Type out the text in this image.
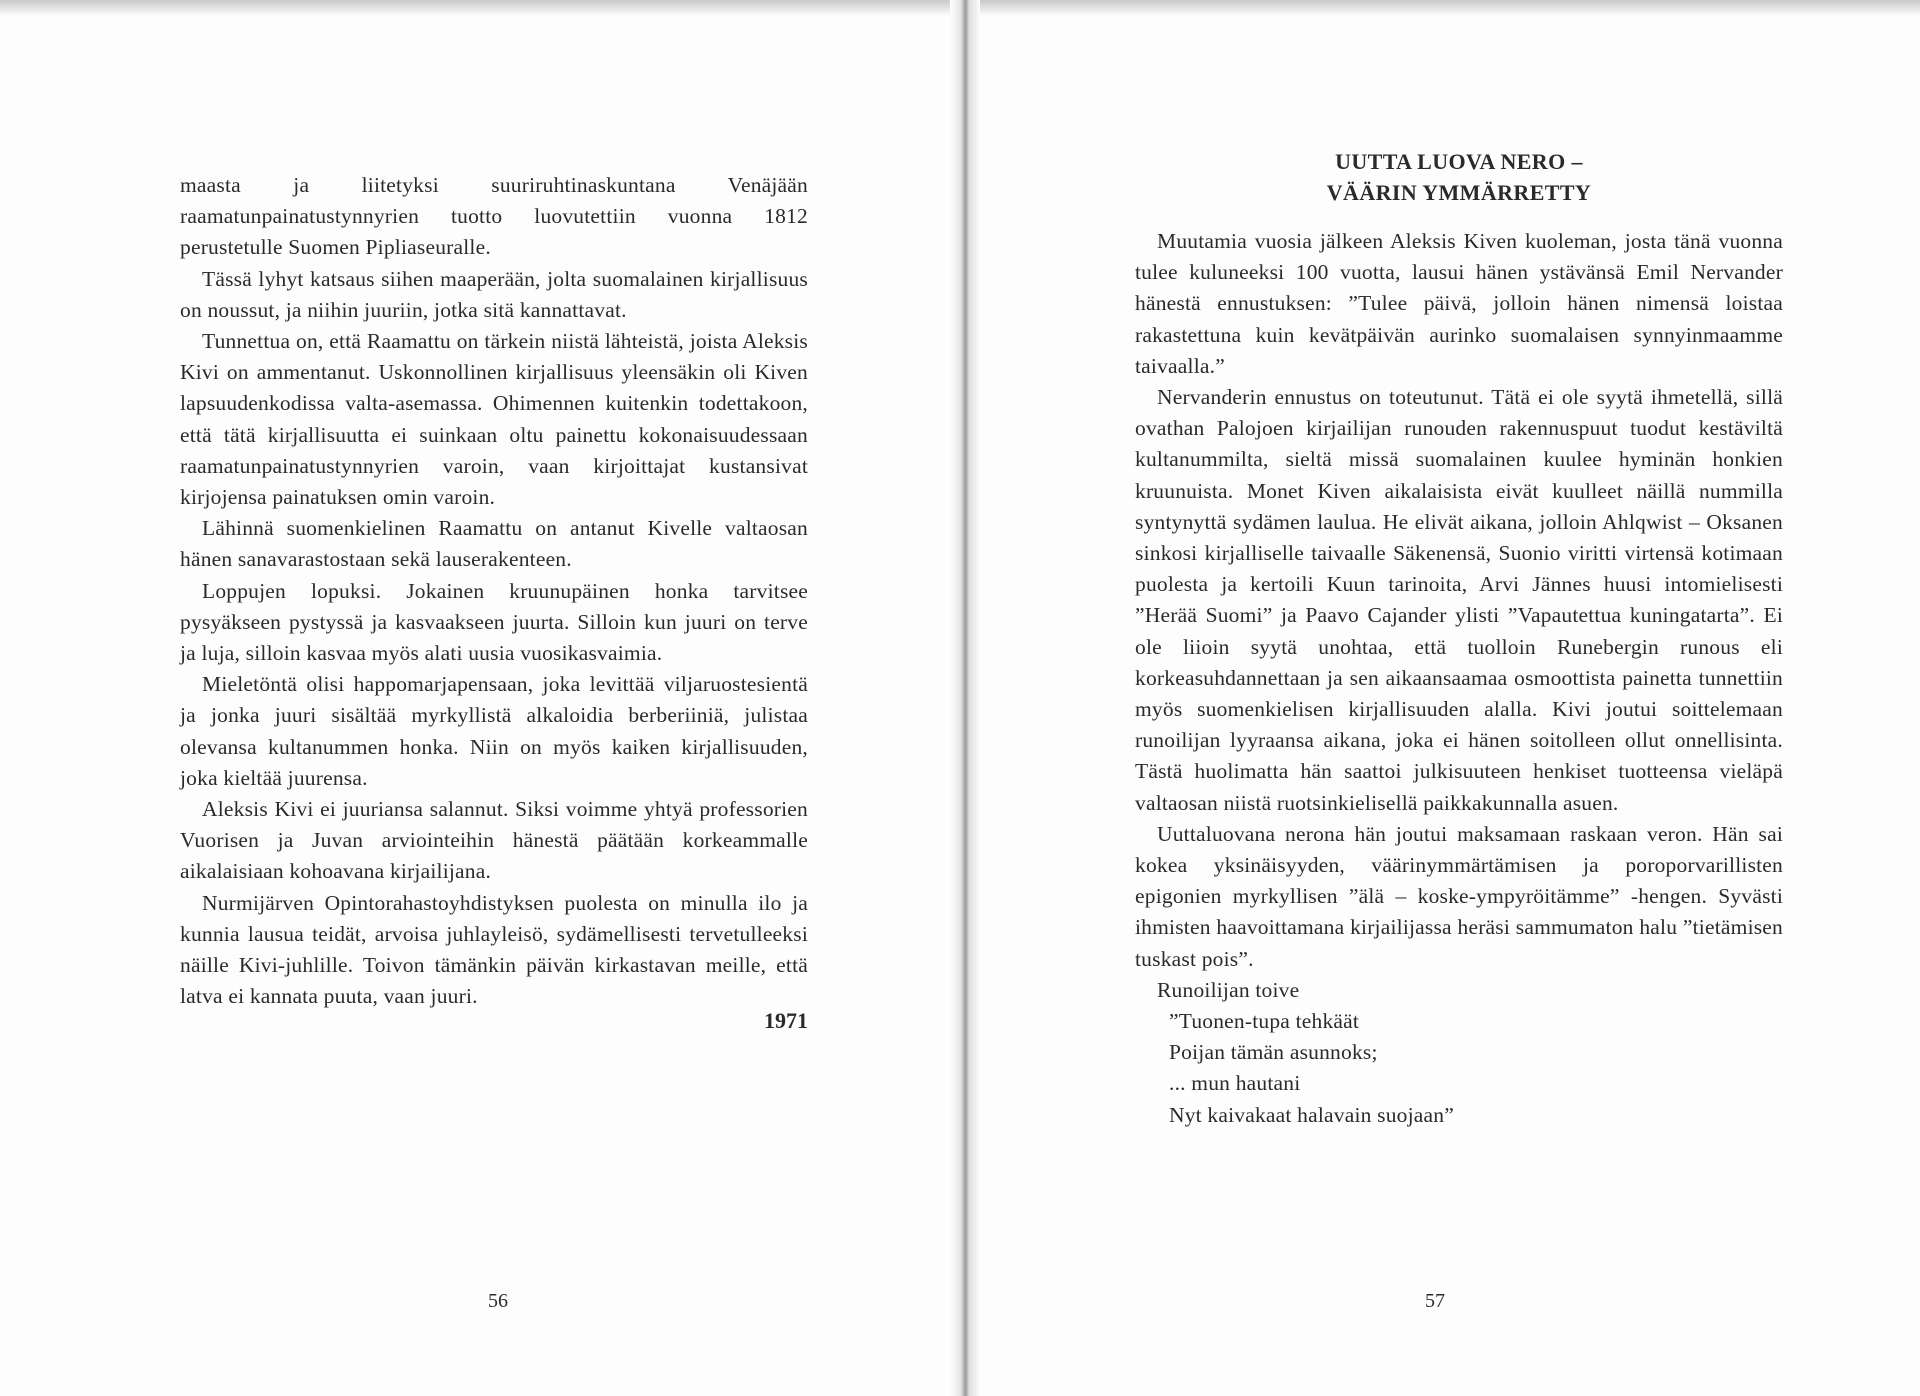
maasta ja liitetyksi suuriruhtinaskuntana Venäjään raamatunpainatustynnyrien tuotto luovutettiin vuonna 1812 perustetulle Suomen Pipliaseuralle.

Tässä lyhyt katsaus siihen maaperään, jolta suomalainen kirjallisuus on noussut, ja niihin juuriin, jotka sitä kannattavat.

Tunnettua on, että Raamattu on tärkein niistä lähteistä, joista Aleksis Kivi on ammentanut. Uskonnollinen kirjallisuus yleensäkin oli Kiven lapsuudenkodissa valta-asemassa. Ohimennen kuitenkin todettakoon, että tätä kirjallisuutta ei suinkaan oltu painettu kokonaisuudessaan raamatunpainatustynnyrien varoin, vaan kirjoittajat kustansivat kirjojensa painatuksen omin varoin.

Lähinnä suomenkielinen Raamattu on antanut Kivelle valtaosan hänen sanavarastostaan sekä lauserakenteen.

Loppujen lopuksi. Jokainen kruunupäinen honka tarvitsee pysyäkseen pystyssä ja kasvaakseen juurta. Silloin kun juuri on terve ja luja, silloin kasvaa myös alati uusia vuosikasvaimia.

Mieletöntä olisi happomarjapensaan, joka levittää viljaruostesientä ja jonka juuri sisältää myrkyllistä alkaloidia berberiiniä, julistaa olevansa kultanummen honka. Niin on myös kaiken kirjallisuuden, joka kieltää juurensa.

Aleksis Kivi ei juuriansa salannut. Siksi voimme yhtyä professorien Vuorisen ja Juvan arviointeihin hänestä päätään korkeammalle aikalaisiaan kohoavana kirjailijana.

Nurmijärven Opintorahastoyhdistyksen puolesta on minulla ilo ja kunnia lausua teidät, arvoisa juhlayleisö, sydämellisesti tervetulleeksi näille Kivi-juhlille. Toivon tämänkin päivän kirkastavan meille, että latva ei kannata puuta, vaan juuri.

1971
56
UUTTA LUOVA NERO –
VÄÄRIN YMMÄRRETTY

Muutamia vuosia jälkeen Aleksis Kiven kuoleman, josta tänä vuonna tulee kuluneeksi 100 vuotta, lausui hänen ystävänsä Emil Nervander hänestä ennustuksen: ”Tulee päivä, jolloin hänen nimensä loistaa rakastettuna kuin kevätpäivän aurinko suomalaisen synnyinmaamme taivaalla.”

Nervanderin ennustus on toteutunut. Tätä ei ole syytä ihmetellä, sillä ovathan Palojoen kirjailijan runouden rakennuspuut tuodut kestäviltä kultanummilta, sieltä missä suomalainen kuulee hyminän honkien kruunuista. Monet Kiven aikalaisista eivät kuulleet näillä nummilla syntynyttä sydämen laulua. He elivät aikana, jolloin Ahlqwist – Oksanen sinkosi kirjalliselle taivaalle Säkenensä, Suonio viritti virtensä kotimaan puolesta ja kertoili Kuun tarinoita, Arvi Jännes huusi intomielisesti ”Herää Suomi” ja Paavo Cajander ylisti ”Vapautettua kuningatarta”. Ei ole liioin syytä unohtaa, että tuolloin Runebergin runous eli korkeasuhdannettaan ja sen aikaansaamaa osmoottista painetta tunnettiin myös suomenkielisen kirjallisuuden alalla. Kivi joutui soittelemaan runoilijan lyyraansa aikana, joka ei hänen soitolleen ollut onnellisinta. Tästä huolimatta hän saattoi julkisuuteen henkiset tuotteensa vieläpä valtaosan niistä ruotsinkielisellä paikkakunnalla asuen.

Uuttaluovana nerona hän joutui maksamaan raskaan veron. Hän sai kokea yksinäisyyden, väärinymmärtämisen ja poroporvarillisten epigonien myrkyllisen ”älä – koske-ympyröitämme” -hengen. Syvästi ihmisten haavoittamana kirjailijassa heräsi sammumaton halu ”tietämisen tuskast pois”.

Runoilijan toive
”Tuonen-tupa tehkäät
Poijan tämän asunnoks;
... mun hautani
Nyt kaivakaat halavain suojaan”
57
